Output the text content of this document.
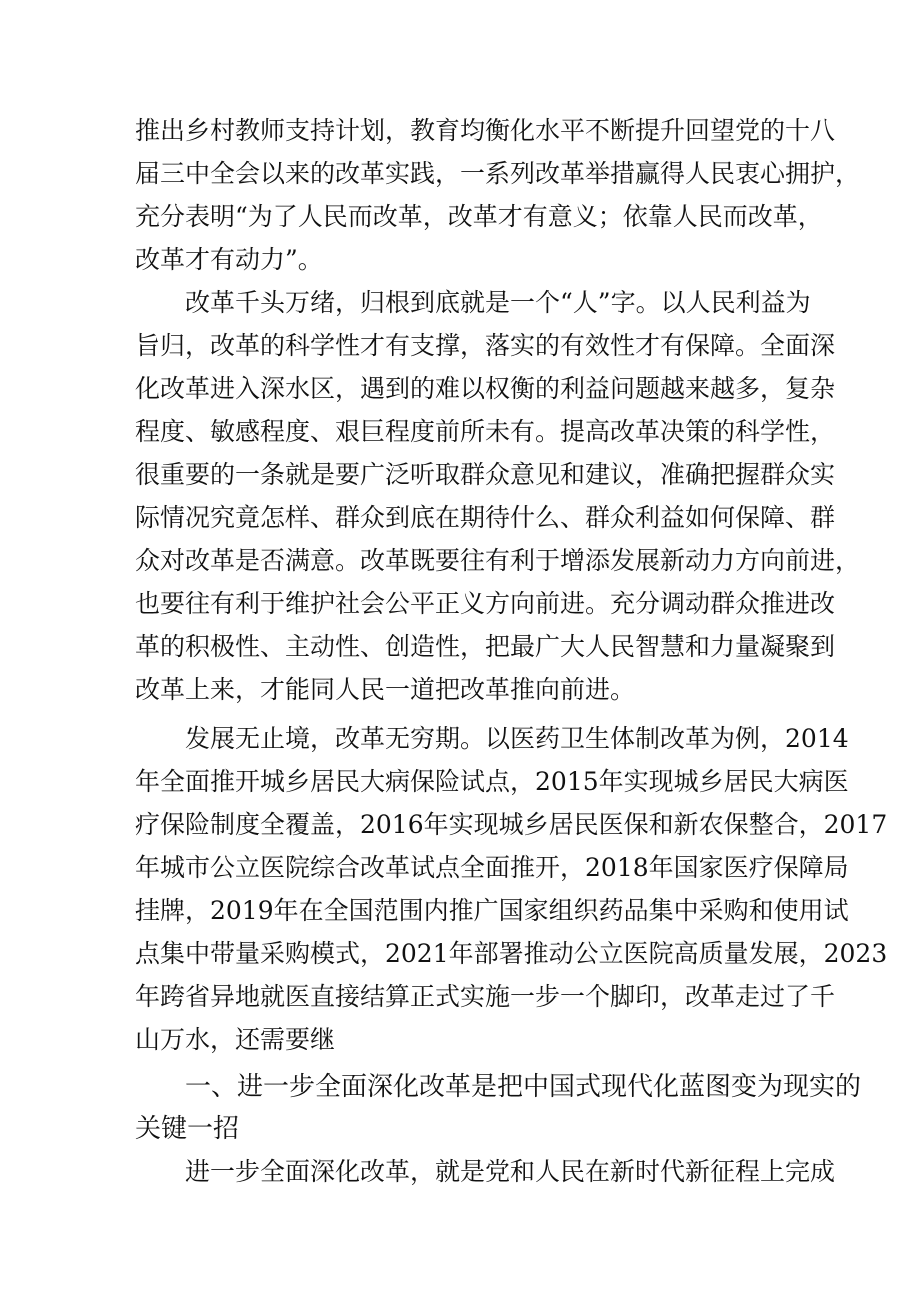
推出乡村教师支持计划，教育均衡化水平不断提升回望党的十八
届三中全会以来的改革实践，一系列改革举措赢得人民衷心拥护，
充分表明“为了人民而改革，改革才有意义；依靠人民而改革，
改革才有动力”。
改革千头万绪，归根到底就是一个“人”字。以人民利益为
旨归，改革的科学性才有支撑，落实的有效性才有保障。全面深
化改革进入深水区，遇到的难以权衡的利益问题越来越多，复杂
程度、敏感程度、艰巨程度前所未有。提高改革决策的科学性，
很重要的一条就是要广泛听取群众意见和建议，准确把握群众实
际情况究竟怎样、群众到底在期待什么、群众利益如何保障、群
众对改革是否满意。改革既要往有利于增添发展新动力方向前进，
也要往有利于维护社会公平正义方向前进。充分调动群众推进改
革的积极性、主动性、创造性，把最广大人民智慧和力量凝聚到
改革上来，才能同人民一道把改革推向前进。
发展无止境，改革无穷期。以医药卫生体制改革为例，2014
年全面推开城乡居民大病保险试点，2015年实现城乡居民大病医
疗保险制度全覆盖，2016年实现城乡居民医保和新农保整合，2017
年城市公立医院综合改革试点全面推开，2018年国家医疗保障局
挂牌，2019年在全国范围内推广国家组织药品集中采购和使用试
点集中带量采购模式，2021年部署推动公立医院高质量发展，2023
年跨省异地就医直接结算正式实施一步一个脚印，改革走过了千
山万水，还需要继
一、进一步全面深化改革是把中国式现代化蓝图变为现实的
关键一招
进一步全面深化改革，就是党和人民在新时代新征程上完成
